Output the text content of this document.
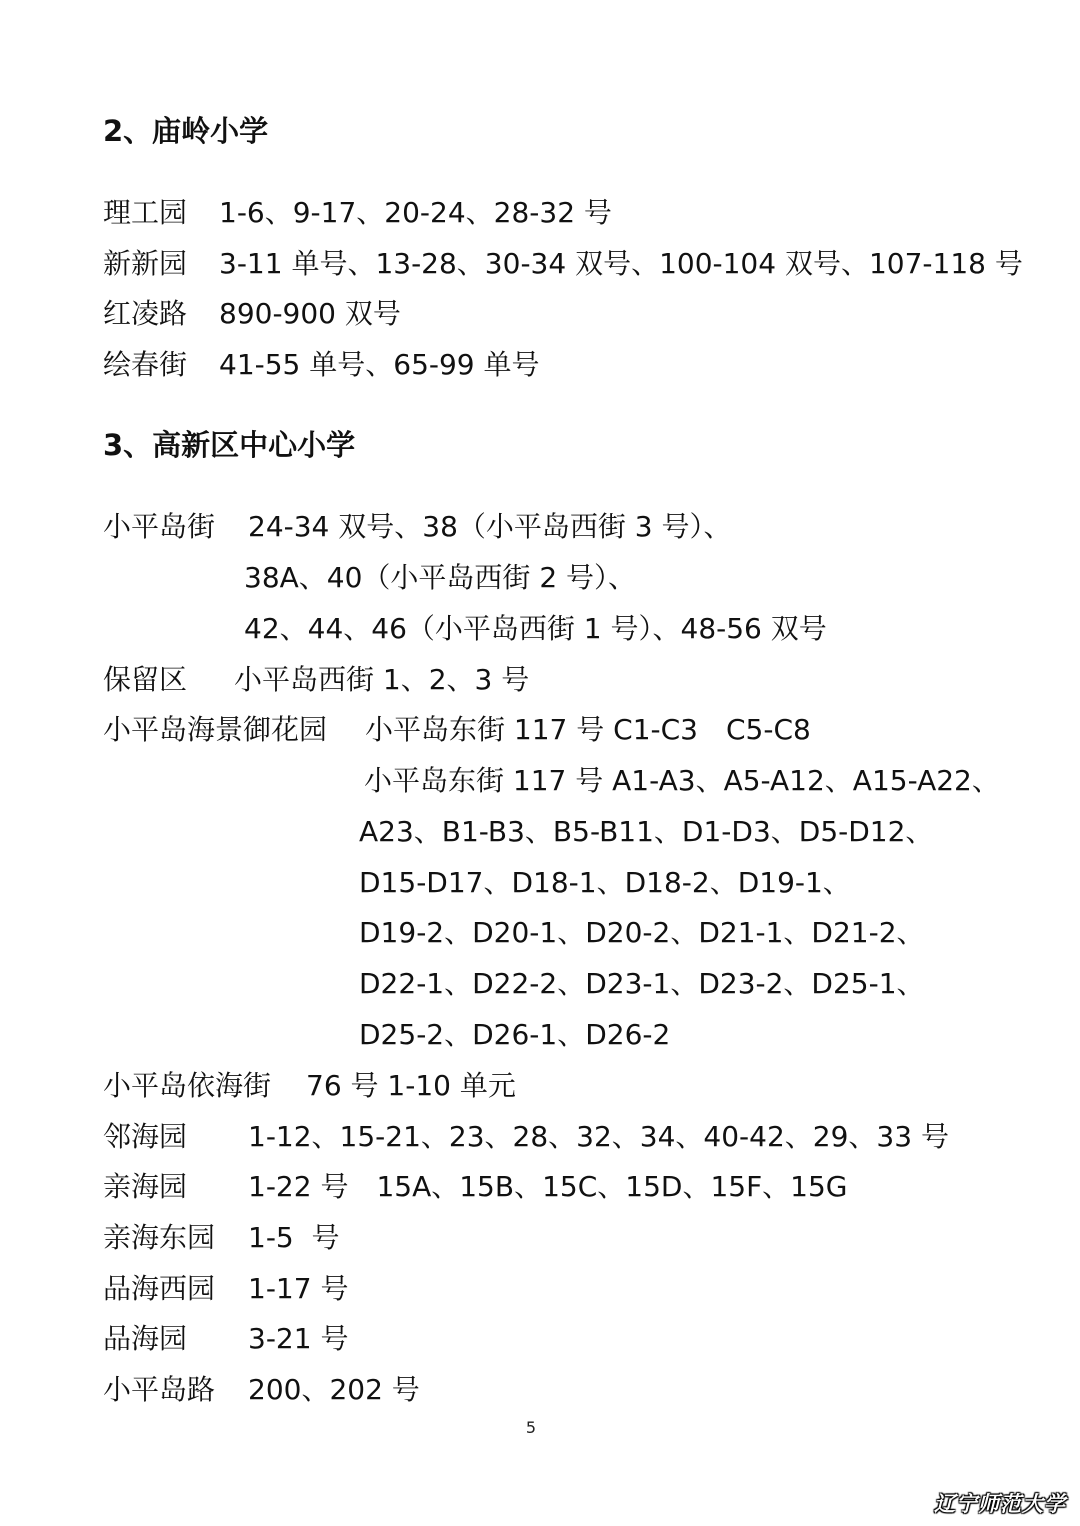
2、庙岭小学
理工园 1-6、9-17、20-24、28-32 号
新新园 3-11 单号、13-28、30-34 双号、100-104 双号、107-118 号
红凌路 890-900 双号
绘春街 41-55 单号、65-99 单号
3、高新区中心小学
小平岛街 24-34 双号、38（小平岛西街 3 号）、
38A、40（小平岛西街 2 号）、
42、44、46（小平岛西街 1 号）、48-56 双号
保留区 小平岛西街 1、2、3 号
小平岛海景御花园 小平岛东街 117 号 C1-C3　C5-C8
小平岛东街 117 号 A1-A3、A5-A12、A15-A22、
A23、B1-B3、B5-B11、D1-D3、D5-D12、
D15-D17、D18-1、D18-2、D19-1、
D19-2、D20-1、D20-2、D21-1、D21-2、
D22-1、D22-2、D23-1、D23-2、D25-1、
D25-2、D26-1、D26-2
小平岛依海街 76 号 1-10 单元
邻海园 1-12、15-21、23、28、32、34、40-42、29、33 号
亲海园 1-22 号　15A、15B、15C、15D、15F、15G
亲海东园 1-5  号
品海西园 1-17 号
品海园 3-21 号
小平岛路 200、202 号
5
辽宁师范大学
